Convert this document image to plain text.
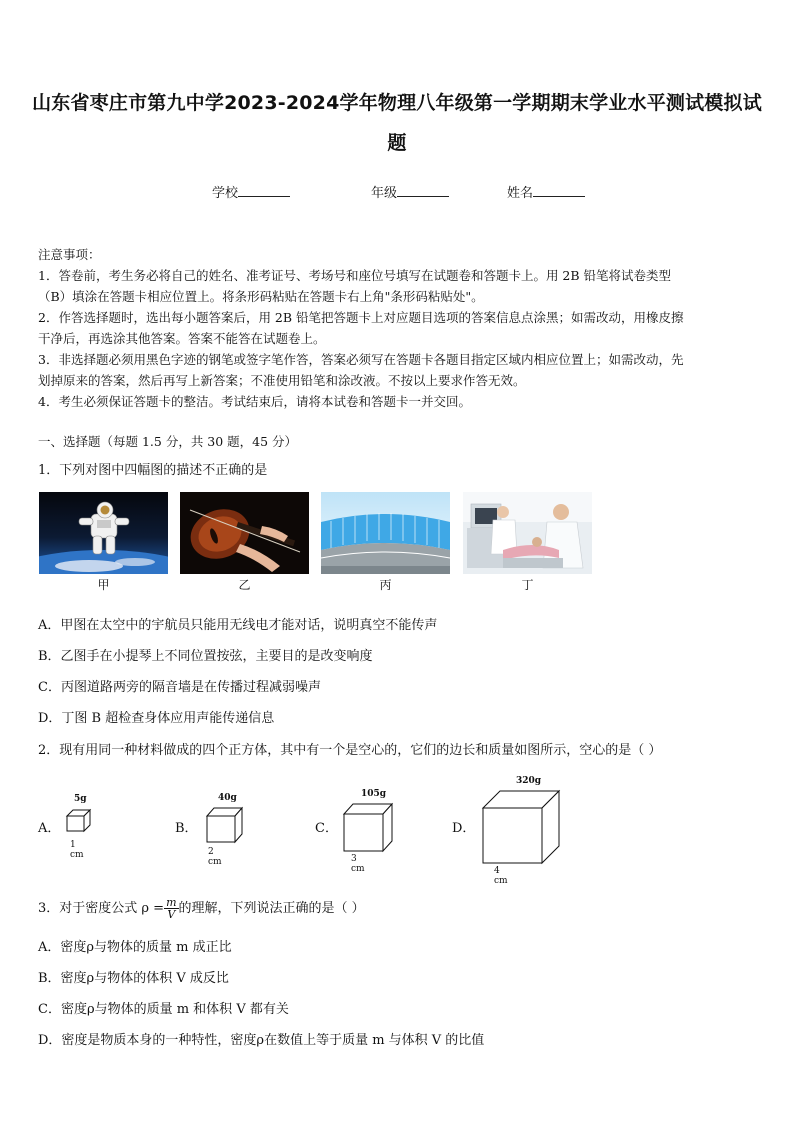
山东省枣庄市第九中学2023-2024学年物理八年级第一学期期末学业水平测试模拟试
题
学校	年级	姓名
注意事项：
1．答卷前，考生务必将自己的姓名、准考证号、考场号和座位号填写在试题卷和答题卡上。用 2B 铅笔将试卷类型
（B）填涂在答题卡相应位置上。将条形码粘贴在答题卡右上角"条形码粘贴处"。
2．作答选择题时，选出每小题答案后，用 2B 铅笔把答题卡上对应题目选项的答案信息点涂黑；如需改动，用橡皮擦
干净后，再选涂其他答案。答案不能答在试题卷上。
3．非选择题必须用黑色字迹的钢笔或签字笔作答，答案必须写在答题卡各题目指定区域内相应位置上；如需改动，先
划掉原来的答案，然后再写上新答案；不准使用铅笔和涂改液。不按以上要求作答无效。
4．考生必须保证答题卡的整洁。考试结束后，请将本试卷和答题卡一并交回。
一、选择题（每题 1.5 分，共 30 题，45 分）
1．下列对图中四幅图的描述不正确的是
甲	乙	丙	丁
A．甲图在太空中的宇航员只能用无线电才能对话，说明真空不能传声
B．乙图手在小提琴上不同位置按弦，主要目的是改变响度
C．丙图道路两旁的隔音墙是在传播过程减弱噪声
D．丁图 B 超检查身体应用声能传递信息
2．现有用同一种材料做成的四个正方体，其中有一个是空心的，它们的边长和质量如图所示，空心的是（ ）
A．
5g
1 cm
B．
40g
2 cm
C．
105g
3 cm
D．
320g
4 cm
3．对于密度公式 $\rho = \frac{m}{V}$ 的理解，下列说法正确的是（ ）
A．密度ρ与物体的质量 m 成正比
B．密度ρ与物体的体积 V 成反比
C．密度ρ与物体的质量 m 和体积 V 都有关
D．密度是物质本身的一种特性，密度ρ在数值上等于质量 m 与体积 V 的比值
